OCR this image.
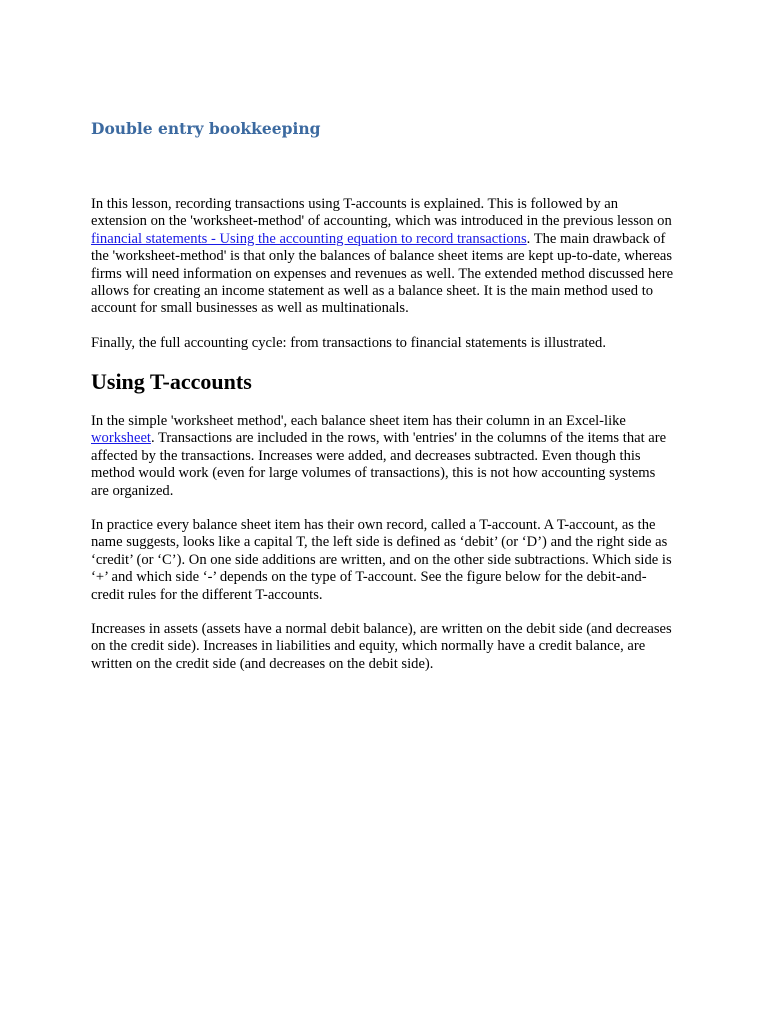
Double entry bookkeeping

In this lesson, recording transactions using T-accounts is explained. This is followed by an extension on the 'worksheet-method' of accounting, which was introduced in the previous lesson on financial statements - Using the accounting equation to record transactions. The main drawback of the 'worksheet-method' is that only the balances of balance sheet items are kept up-to-date, whereas firms will need information on expenses and revenues as well. The extended method discussed here allows for creating an income statement as well as a balance sheet. It is the main method used to account for small businesses as well as multinationals.

Finally, the full accounting cycle: from transactions to financial statements is illustrated.

Using T-accounts

In the simple 'worksheet method', each balance sheet item has their column in an Excel-like worksheet. Transactions are included in the rows, with 'entries' in the columns of the items that are affected by the transactions. Increases were added, and decreases subtracted. Even though this method would work (even for large volumes of transactions), this is not how accounting systems are organized.

In practice every balance sheet item has their own record, called a T-account. A T-account, as the name suggests, looks like a capital T, the left side is defined as ‘debit’ (or ‘D’) and the right side as ‘credit’ (or ‘C’). On one side additions are written, and on the other side subtractions. Which side is ‘+’ and which side ‘-’ depends on the type of T-account. See the figure below for the debit-and-credit rules for the different T-accounts.

Increases in assets (assets have a normal debit balance), are written on the debit side (and decreases on the credit side). Increases in liabilities and equity, which normally have a credit balance, are written on the credit side (and decreases on the debit side).
